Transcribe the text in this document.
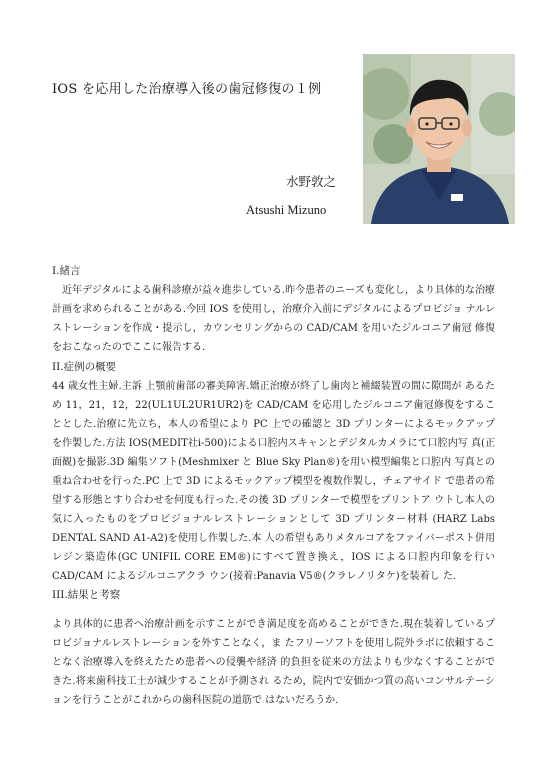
IOS を応用した治療導入後の歯冠修復の１例
水野敦之
Atsushi Mizuno
I.緒言

　近年デジタルによる歯科診療が益々進歩している.昨今患者のニーズも変化し，より具体的な治療計画を求められることがある.今回 IOS を使用し，治療介入前にデジタルによるプロビジョ ナルレストレーションを作成・提示し，カウンセリングからの CAD/CAM を用いたジルコニア歯冠 修復をおこなったのでここに報告する.

II.症例の概要

44 歳女性主婦.主訴 上顎前歯部の審美障害.矯正治療が終了し歯肉と補綴装置の間に隙間が あるため 11，21，12，22(UL1UL2UR1UR2)を CAD/CAM を応用したジルコニア歯冠修復をするこ ととした.治療に先立ち，本人の希望により PC 上での確認と 3D プリンターによるモックアップ を作製した.方法 IOS(MEDIT社i-500)による口腔内スキャンとデジタルカメラにて口腔内写 真(正面観)を撮影.3D 編集ソフト(Meshmixer と Blue Sky Plan®)を用い模型編集と口腔内 写真との重ね合わせを行った.PC 上で 3D によるモックアップ模型を複数作製し，チェアサイド で患者の希望する形態とすり合わせを何度も行った.その後 3D プリンターで模型をプリントア ウトし本人の気に入ったものをプロビジョナルレストレーションとして 3D プリンター材料 (HARZ Labs DENTAL SAND A1-A2)を使用し作製した.本 人の希望もありメタルコアをファイバーポスト併用レジン築造体(GC UNIFIL CORE EM®)にすべて置き換え，IOS による口腔内印象を行い CAD/CAM によるジルコニアクラ ウン(接着:Panavia V5®(クラレノリタケ)を装着し た.

III.結果と考察

より具体的に患者へ治療計画を示すことができ満足度を高めることができた.現在装着しているプロビジョナルレストレーションを外すことなく，ま たフリーソフトを使用し院外ラボに依頼することなく治療導入を終えたため患者への侵襲や経済 的負担を従来の方法よりも少なくすることができた.将来歯科技工士が減少することが予測され るため，院内で安価かつ質の高いコンサルテーションを行うことがこれからの歯科医院の道筋で はないだろうか.
